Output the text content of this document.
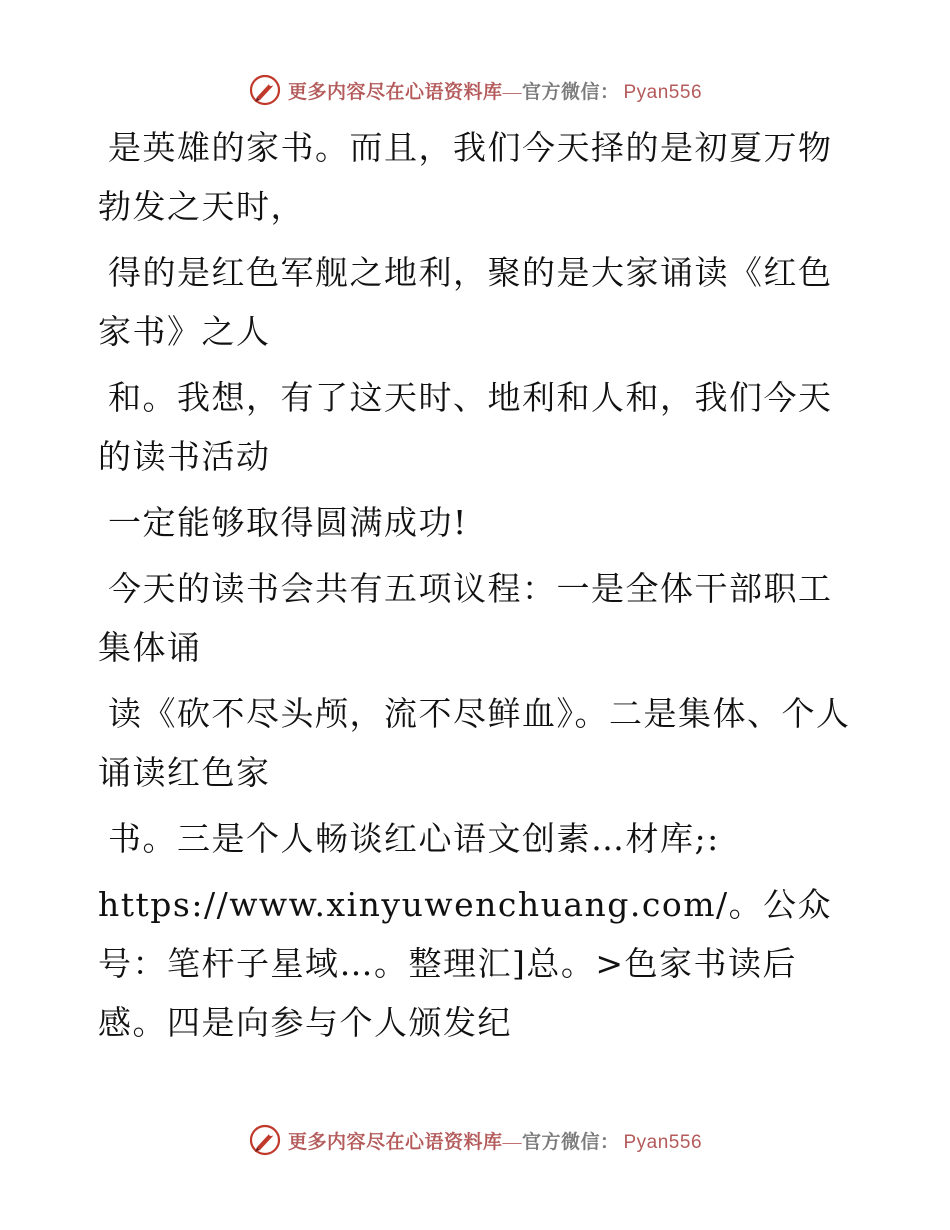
更多内容尽在心语资料库—官方微信： Pyan556

是英雄的家书。而且，我们今天择的是初夏万物勃发之天时，

得的是红色军舰之地利，聚的是大家诵读《红色家书》之人

和。我想，有了这天时、地利和人和，我们今天的读书活动

一定能够取得圆满成功!

今天的读书会共有五项议程：一是全体干部职工集体诵

读《砍不尽头颅，流不尽鲜血》。二是集体、个人诵读红色家

书。三是个人畅谈红心语文创素…材库;:

https://www.xinyuwenchuang.com/。公众号：笔杆子星域…。整理汇]总。>色家书读后感。四是向参与个人颁发纪

更多内容尽在心语资料库—官方微信： Pyan556
